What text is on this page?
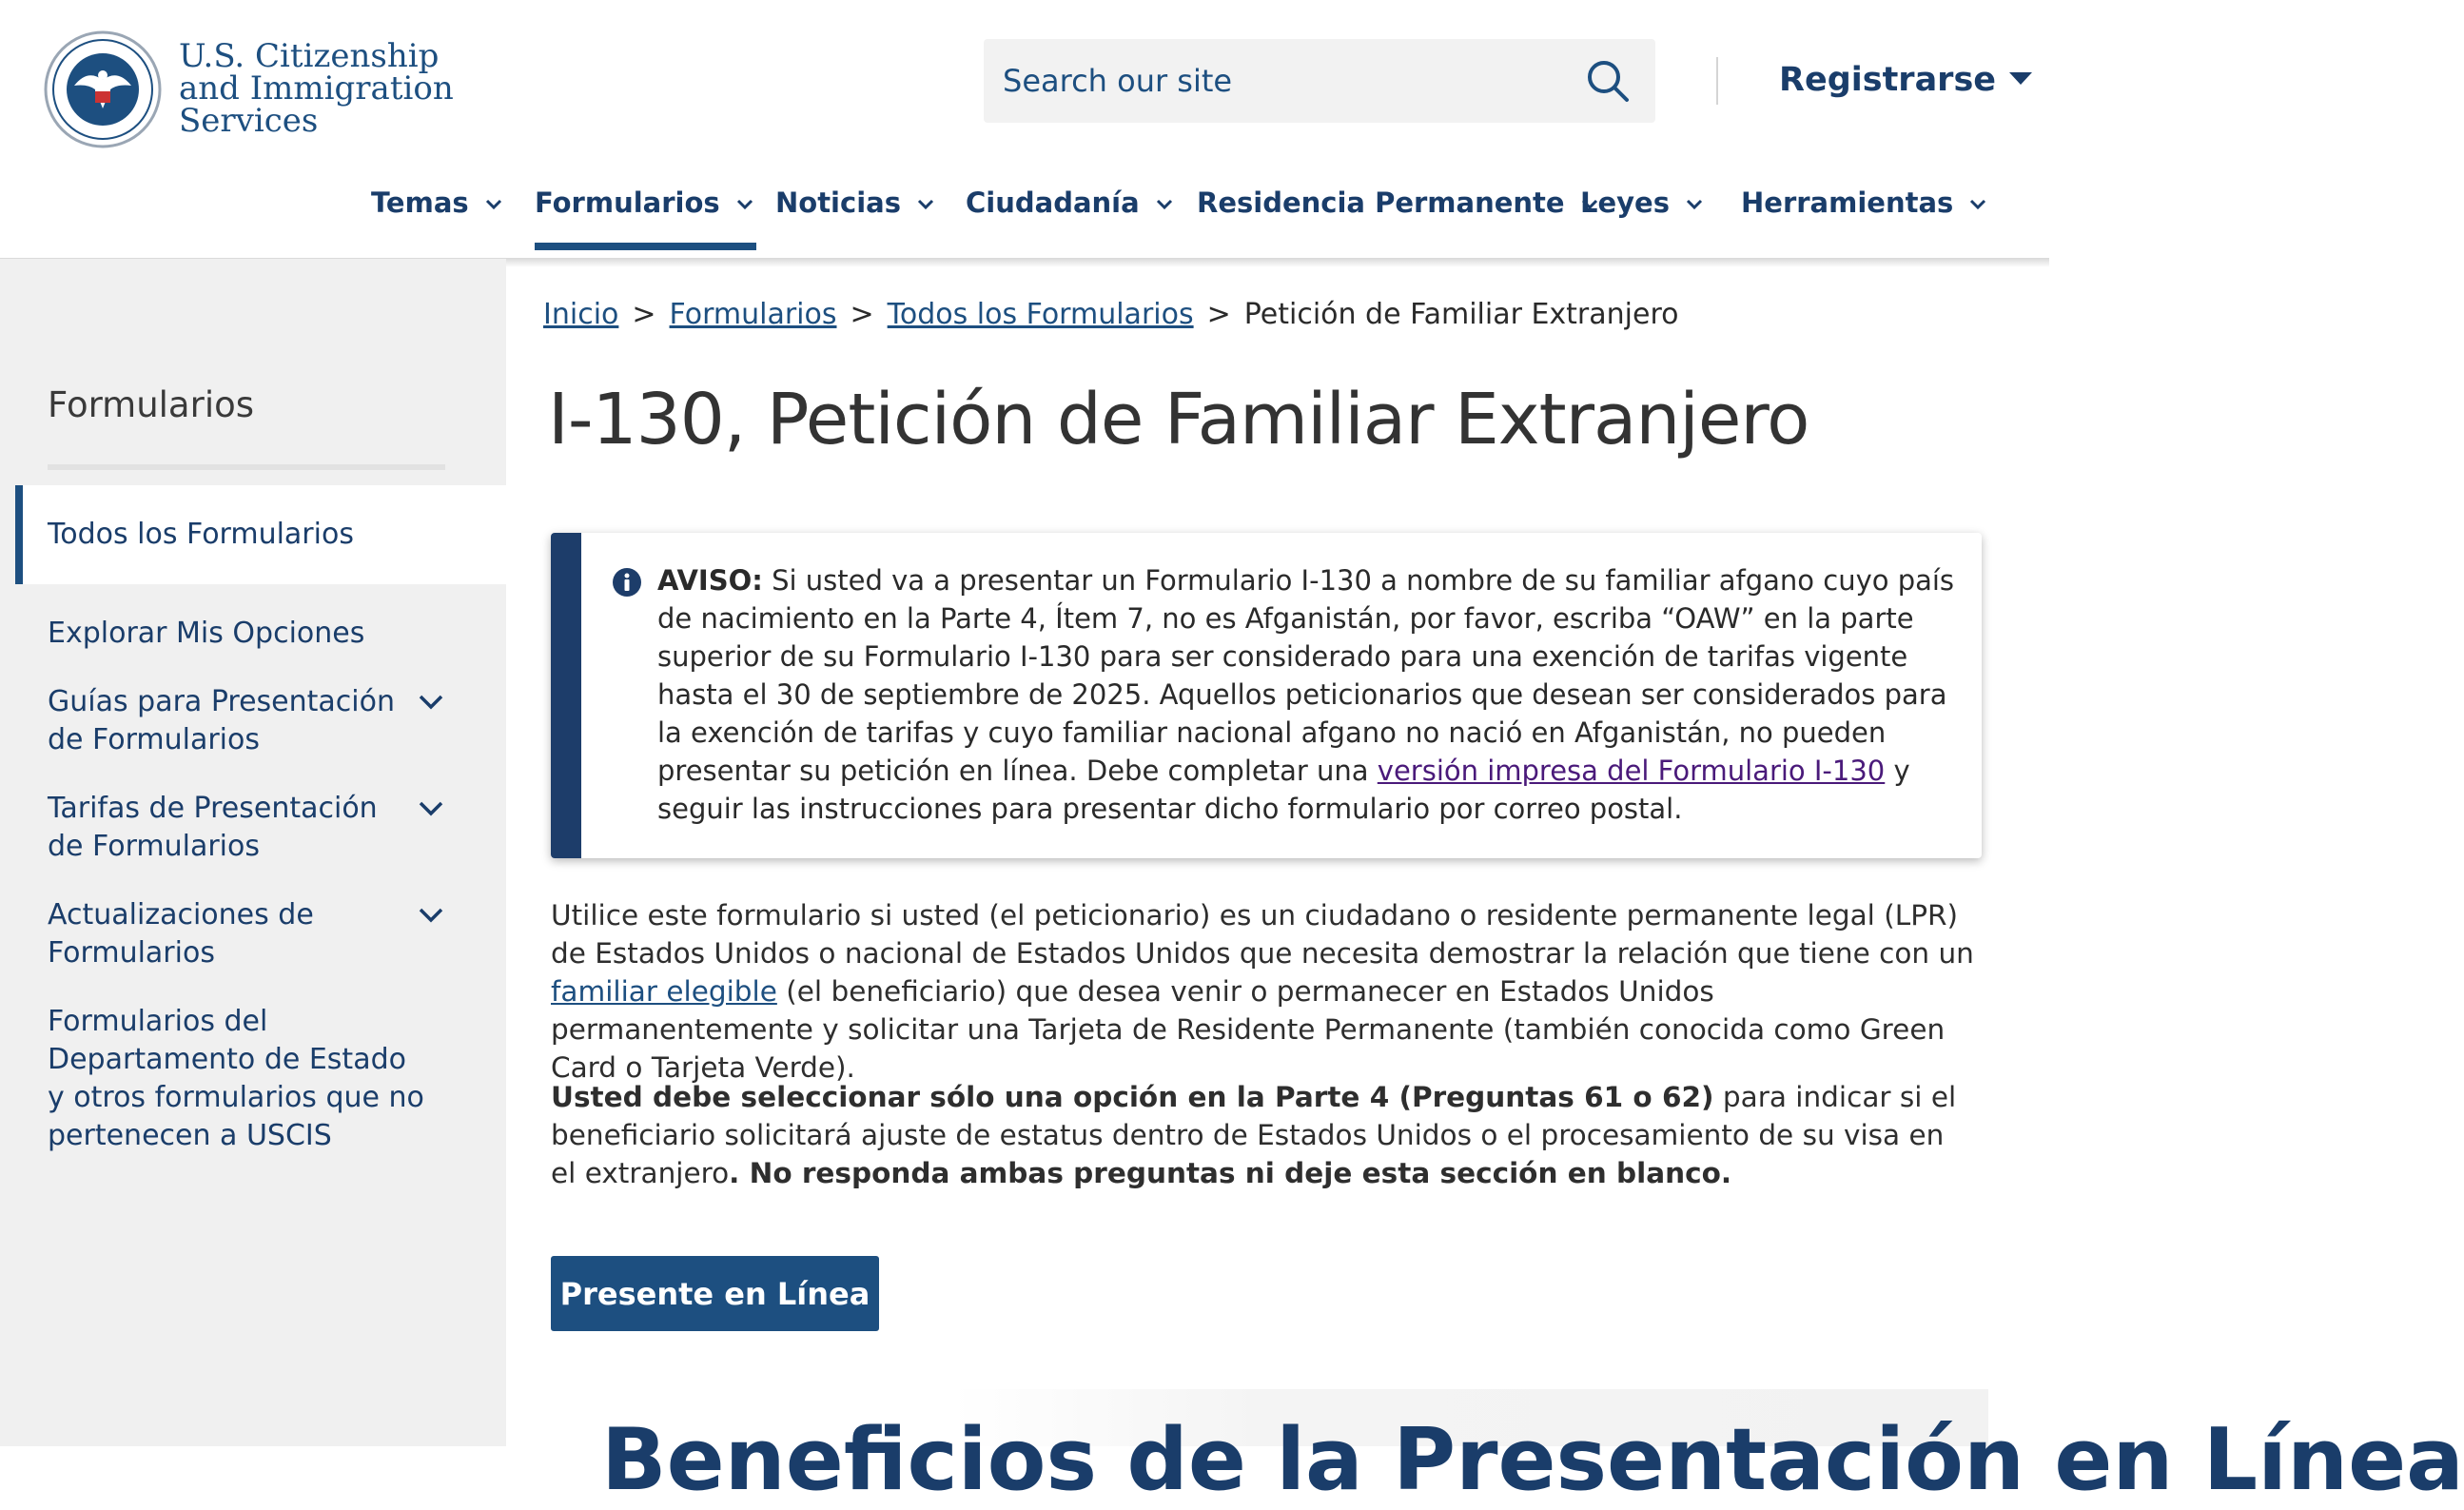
U.S. Citizenship
and Immigration
Services
Search our site
Registrarse
Temas	Formularios	Noticias	Ciudadanía	Residencia Permanente Leyes	Herramientas
Formularios
Todos los Formularios
Explorar Mis Opciones
Guías para Presentación de Formularios
Tarifas de Presentación de Formularios
Actualizaciones de Formularios
Formularios del Departamento de Estado y otros formularios que no pertenecen a USCIS
Inicio > Formularios > Todos los Formularios > Petición de Familiar Extranjero
I-130, Petición de Familiar Extranjero
AVISO: Si usted va a presentar un Formulario I-130 a nombre de su familiar afgano cuyo país de nacimiento en la Parte 4, Ítem 7, no es Afganistán, por favor, escriba “OAW” en la parte superior de su Formulario I-130 para ser considerado para una exención de tarifas vigente hasta el 30 de septiembre de 2025. Aquellos peticionarios que desean ser considerados para la exención de tarifas y cuyo familiar nacional afgano no nació en Afganistán, no pueden presentar su petición en línea. Debe completar una versión impresa del Formulario I-130 y seguir las instrucciones para presentar dicho formulario por correo postal.

Utilice este formulario si usted (el peticionario) es un ciudadano o residente permanente legal (LPR) de Estados Unidos o nacional de Estados Unidos que necesita demostrar la relación que tiene con un familiar elegible (el beneficiario) que desea venir o permanecer en Estados Unidos permanentemente y solicitar una Tarjeta de Residente Permanente (también conocida como Green Card o Tarjeta Verde).

Usted debe seleccionar sólo una opción en la Parte 4 (Preguntas 61 o 62) para indicar si el beneficiario solicitará ajuste de estatus dentro de Estados Unidos o el procesamiento de su visa en el extranjero. No responda ambas preguntas ni deje esta sección en blanco.

Presente en Línea
Beneficios de la Presentación en Línea
